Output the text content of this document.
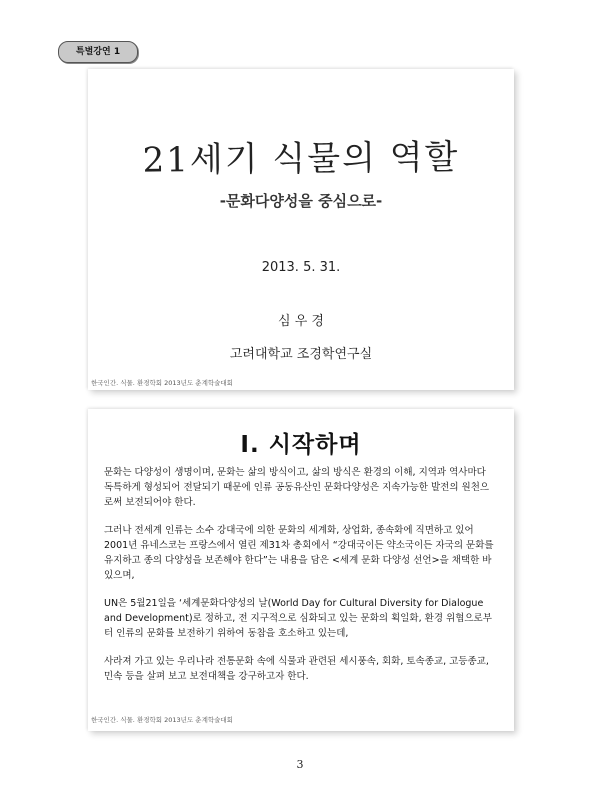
특별강연 1
21세기 식물의 역할
-문화다양성을 중심으로-
2013. 5. 31.
심 우 경
고려대학교 조경학연구실
한국인간. 식물. 환경학회 2013년도 춘계학술대회
Ⅰ. 시작하며

문화는 다양성이 생명이며, 문화는 삶의 방식이고, 삶의 방식은 환경의 이해, 지역과 역사마다 독특하게 형성되어 전달되기 때문에 인류 공동유산인 문화다양성은 지속가능한 발전의 원천으로써 보전되어야 한다.

그러나 전세계 인류는 소수 강대국에 의한 문화의 세계화, 상업화, 종속화에 직면하고 있어 2001년 유네스코는 프랑스에서 열린 제31차 총회에서 “강대국이든 약소국이든 자국의 문화를 유지하고 종의 다양성을 보존해야 한다”는 내용을 담은 <세계 문화 다양성 선언>을 채택한 바 있으며,

UN은 5월21일을 ‘세계문화다양성의 날(World Day for Cultural Diversity for Dialogue and Development)로 정하고, 전 지구적으로 심화되고 있는 문화의 획일화, 환경 위협으로부터 인류의 문화를 보전하기 위하여 동참을 호소하고 있는데,

사라져 가고 있는 우리나라 전통문화 속에 식물과 관련된 세시풍속, 회화, 토속종교, 고등종교, 민속 등을 살펴 보고 보전대책을 강구하고자 한다.

한국인간. 식물. 환경학회 2013년도 춘계학술대회
3
